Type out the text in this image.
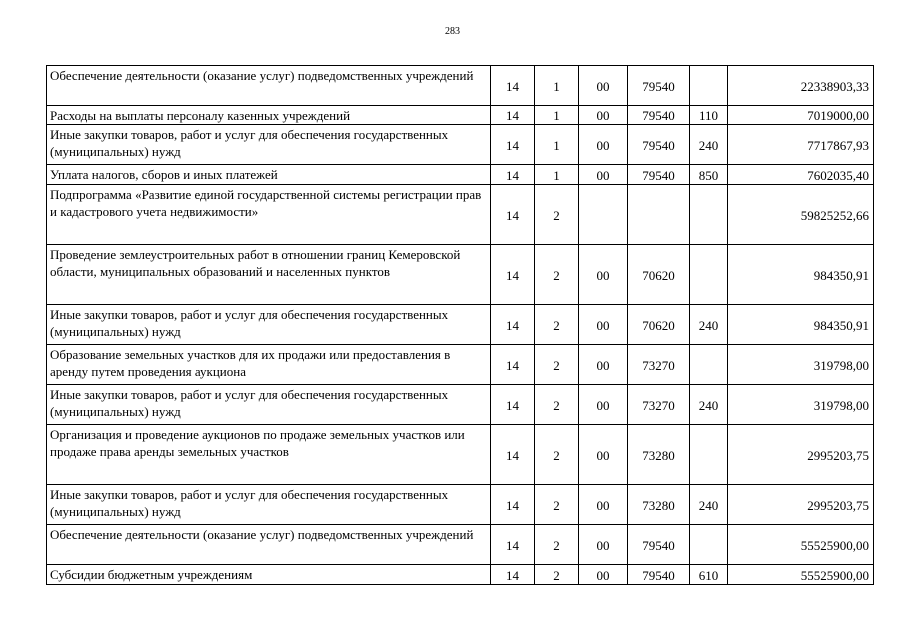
283
Обеспечение деятельности (оказание услуг) подведомственных учреждений	14	1	00	79540		22338903,33
Расходы на выплаты персоналу казенных учреждений	14	1	00	79540	110	7019000,00
Иные закупки товаров, работ и услуг для обеспечения государственных (муниципальных) нужд	14	1	00	79540	240	7717867,93
Уплата налогов, сборов и иных платежей	14	1	00	79540	850	7602035,40
Подпрограмма «Развитие единой государственной системы регистрации прав и кадастрового учета недвижимости»	14	2				59825252,66
Проведение землеустроительных работ в отношении границ Кемеровской области, муниципальных образований и населенных пунктов	14	2	00	70620		984350,91
Иные закупки товаров, работ и услуг для обеспечения государственных (муниципальных) нужд	14	2	00	70620	240	984350,91
Образование земельных участков для их продажи или предоставления в аренду путем проведения аукциона	14	2	00	73270		319798,00
Иные закупки товаров, работ и услуг для обеспечения государственных (муниципальных) нужд	14	2	00	73270	240	319798,00
Организация и проведение аукционов по продаже земельных участков или продаже права аренды земельных участков	14	2	00	73280		2995203,75
Иные закупки товаров, работ и услуг для обеспечения государственных (муниципальных) нужд	14	2	00	73280	240	2995203,75
Обеспечение деятельности (оказание услуг) подведомственных учреждений	14	2	00	79540		55525900,00
Субсидии бюджетным учреждениям	14	2	00	79540	610	55525900,00
